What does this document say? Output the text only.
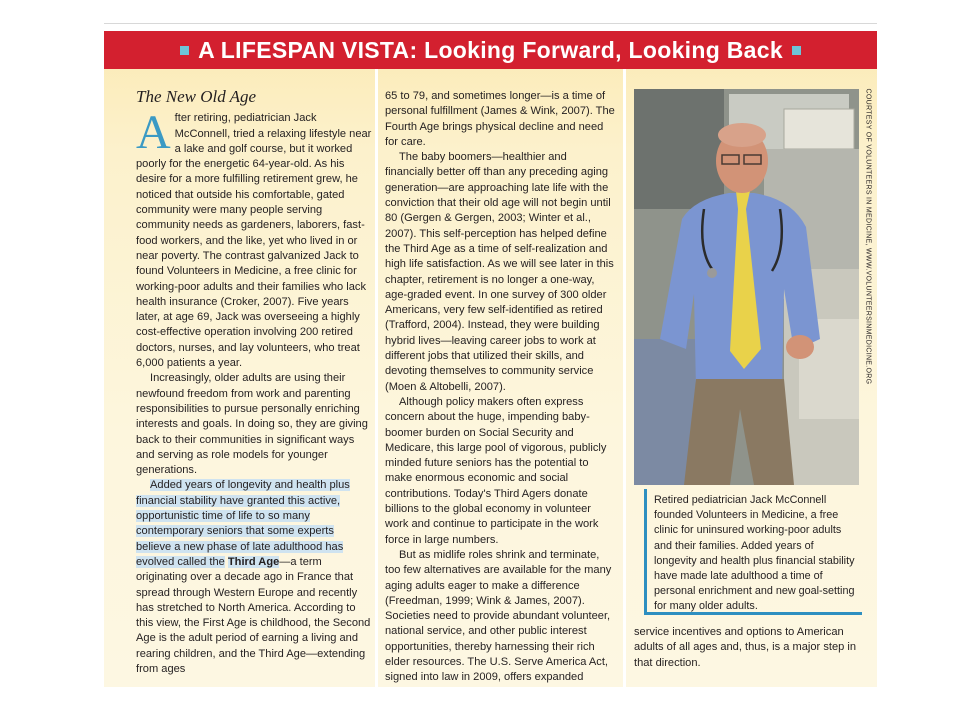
A LIFESPAN VISTA: Looking Forward, Looking Back

The New Old Age

After retiring, pediatrician Jack McConnell, tried a relaxing lifestyle near a lake and golf course, but it worked poorly for the energetic 64-year-old. As his desire for a more fulfilling retirement grew, he noticed that outside his comfortable, gated community were many people serving community needs as gardeners, laborers, fast-food workers, and the like, yet who lived in or near poverty. The contrast galvanized Jack to found Volunteers in Medicine, a free clinic for working-poor adults and their families who lack health insurance (Croker, 2007). Five years later, at age 69, Jack was overseeing a highly cost-effective operation involving 200 retired doctors, nurses, and lay volunteers, who treat 6,000 patients a year.

Increasingly, older adults are using their newfound freedom from work and parenting responsibilities to pursue personally enriching interests and goals. In doing so, they are giving back to their communities in significant ways and serving as role models for younger generations.

Added years of longevity and health plus financial stability have granted this active, opportunistic time of life to so many contemporary seniors that some experts believe a new phase of late adulthood has evolved called the Third Age—a term originating over a decade ago in France that spread through Western Europe and recently has stretched to North America. According to this view, the First Age is childhood, the Second Age is the adult period of earning a living and rearing children, and the Third Age—extending from ages

65 to 79, and sometimes longer—is a time of personal fulfillment (James & Wink, 2007). The Fourth Age brings physical decline and need for care.

The baby boomers—healthier and financially better off than any preceding aging generation—are approaching late life with the conviction that their old age will not begin until 80 (Gergen & Gergen, 2003; Winter et al., 2007). This self-perception has helped define the Third Age as a time of self-realization and high life satisfaction. As we will see later in this chapter, retirement is no longer a one-way, age-graded event. In one survey of 300 older Americans, very few self-identified as retired (Trafford, 2004). Instead, they were building hybrid lives—leaving career jobs to work at different jobs that utilized their skills, and devoting themselves to community service (Moen & Altobelli, 2007).

Although policy makers often express concern about the huge, impending baby-boomer burden on Social Security and Medicare, this large pool of vigorous, publicly minded future seniors has the potential to make enormous economic and social contributions. Today's Third Agers donate billions to the global economy in volunteer work and continue to participate in the work force in large numbers.

But as midlife roles shrink and terminate, too few alternatives are available for the many aging adults eager to make a difference (Freedman, 1999; Wink & James, 2007). Societies need to provide abundant volunteer, national service, and other public interest opportunities, thereby harnessing their rich elder resources. The U.S. Serve America Act, signed into law in 2009, offers expanded

COURTESY OF VOLUNTEERS IN MEDICINE, WWW.VOLUNTEERSINMEDICINE.ORG
Retired pediatrician Jack McConnell founded Volunteers in Medicine, a free clinic for uninsured working-poor adults and their families. Added years of longevity and health plus financial stability have made late adulthood a time of personal enrichment and new goal-setting for many older adults.

service incentives and options to American adults of all ages and, thus, is a major step in that direction.
